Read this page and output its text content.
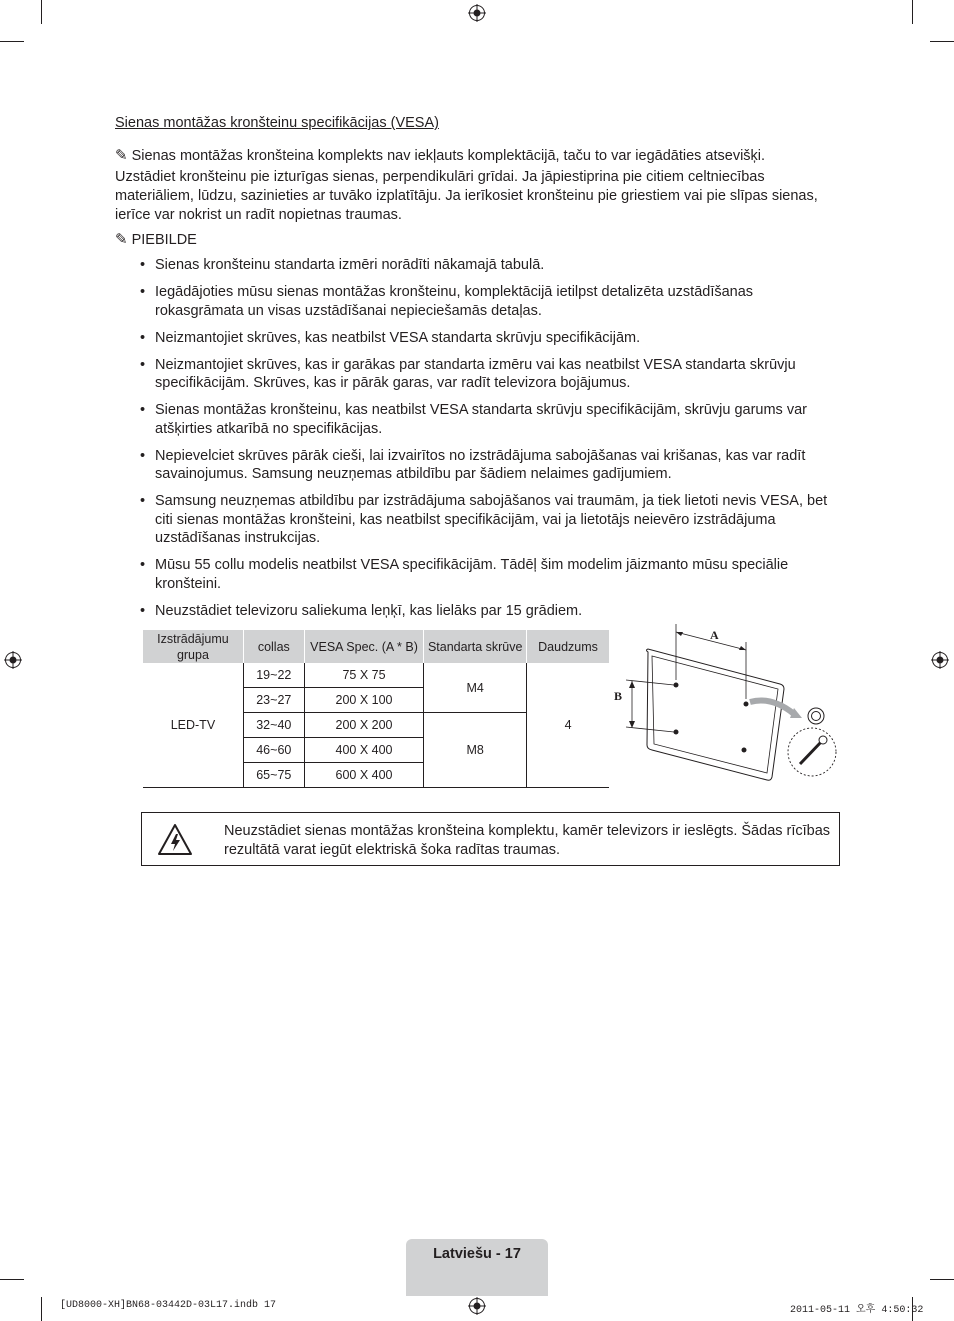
Sienas montāžas kronšteinu specifikācijas (VESA)
✎ Sienas montāžas kronšteina komplekts nav iekļauts komplektācijā, taču to var iegādāties atsevišķi.
Uzstādiet kronšteinu pie izturīgas sienas, perpendikulāri grīdai. Ja jāpiestiprina pie citiem celtniecības materiāliem, lūdzu, sazinieties ar tuvāko izplatītāju. Ja ierīkosiet kronšteinu pie griestiem vai pie slīpas sienas, ierīce var nokrist un radīt nopietnas traumas.
✎ PIEBILDE
• Sienas kronšteinu standarta izmēri norādīti nākamajā tabulā.
• Iegādājoties mūsu sienas montāžas kronšteinu, komplektācijā ietilpst detalizēta uzstādīšanas rokasgrāmata un visas uzstādīšanai nepieciešamās detaļas.
• Neizmantojiet skrūves, kas neatbilst VESA standarta skrūvju specifikācijām.
• Neizmantojiet skrūves, kas ir garākas par standarta izmēru vai kas neatbilst VESA standarta skrūvju specifikācijām. Skrūves, kas ir pārāk garas, var radīt televizora bojājumus.
• Sienas montāžas kronšteinu, kas neatbilst VESA standarta skrūvju specifikācijām, skrūvju garums var atšķirties atkarībā no specifikācijas.
• Nepievelciet skrūves pārāk cieši, lai izvairītos no izstrādājuma sabojāšanas vai krišanas, kas var radīt savainojumus. Samsung neuzņemas atbildību par šādiem nelaimes gadījumiem.
• Samsung neuzņemas atbildību par izstrādājuma sabojāšanos vai traumām, ja tiek lietoti nevis VESA, bet citi sienas montāžas kronšteini, kas neatbilst specifikācijām, vai ja lietotājs neievēro izstrādājuma uzstādīšanas instrukcijas.
• Mūsu 55 collu modelis neatbilst VESA specifikācijām. Tādēļ šim modelim jāizmanto mūsu speciālie kronšteini.
• Neuzstādiet televizoru saliekuma leņķī, kas lielāks par 15 grādiem.
Izstrādājumu grupa	collas	VESA Spec. (A * B)	Standarta skrūve	Daudzums
LED-TV	19~22	75 X 75	M4	4
	23~27	200 X 100		
	32~40	200 X 200	M8	
	46~60	400 X 400		
	65~75	600 X 400		
A
B
Neuzstādiet sienas montāžas kronšteina komplektu, kamēr televizors ir ieslēgts. Šādas rīcības rezultātā varat iegūt elektriskā šoka radītas traumas.
Latviešu - 17
[UD8000-XH]BN68-03442D-03L17.indb 17	2011-05-11 오후 4:50:32
